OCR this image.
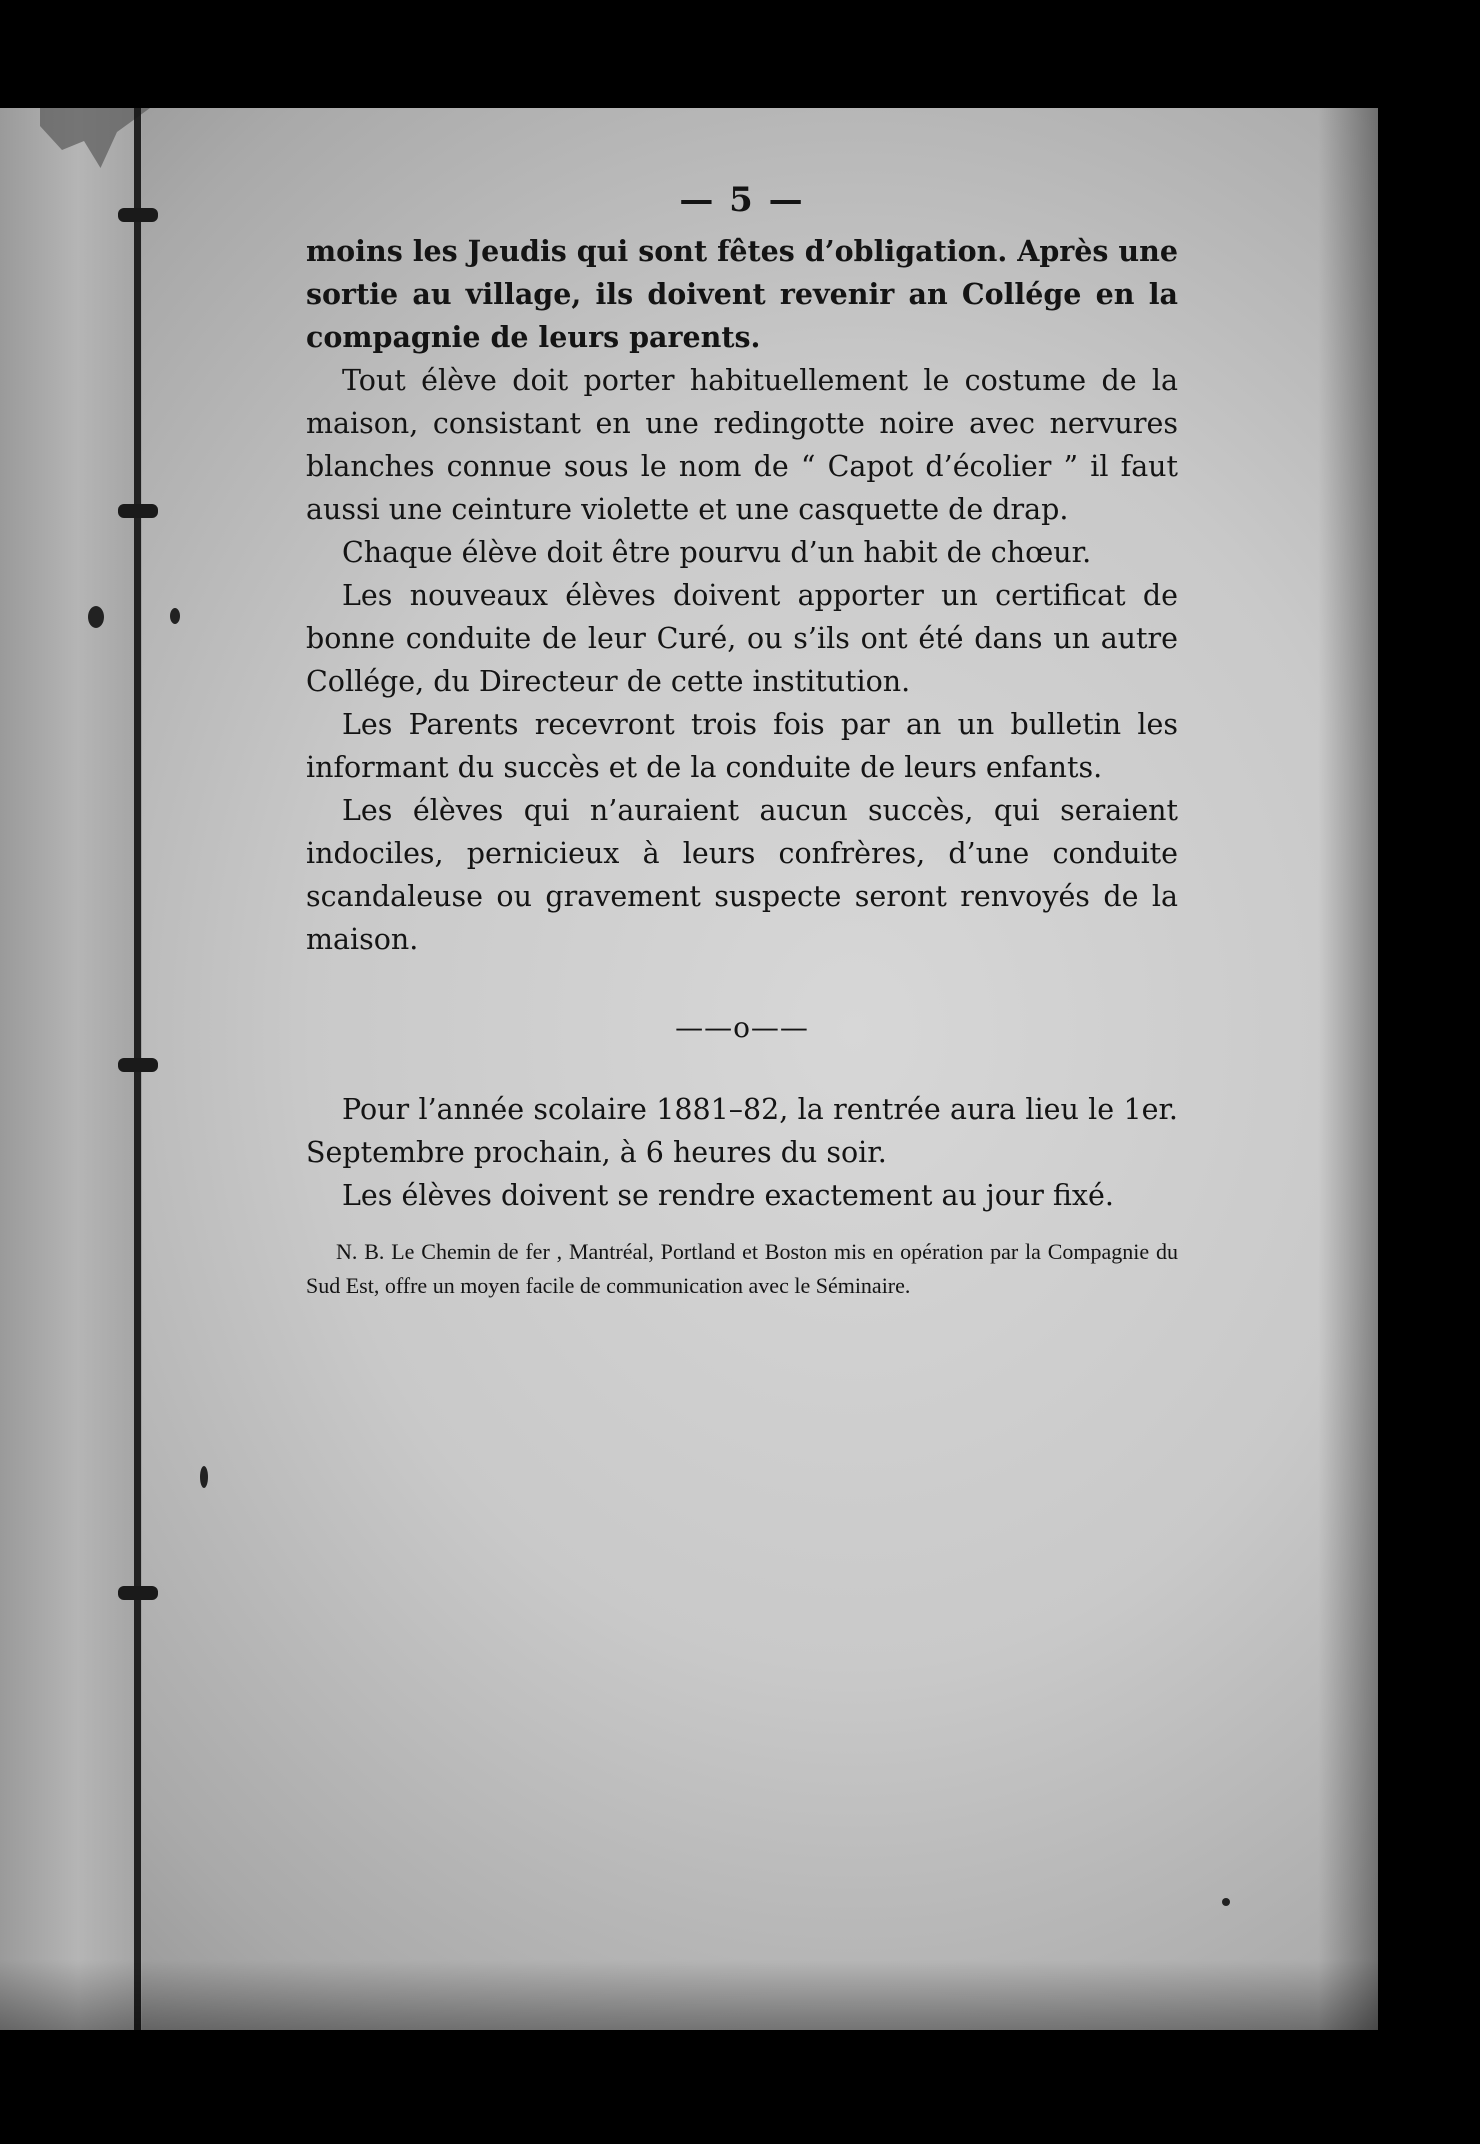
— 5 —

moins les Jeudis qui sont fêtes d’obligation. Après une sortie au village, ils doivent revenir an Collége en la compagnie de leurs parents.

Tout élève doit porter habituellement le costume de la maison, consistant en une redingotte noire avec nervures blanches connue sous le nom de “ Capot d’écolier ” il faut aussi une ceinture violette et une casquette de drap.

Chaque élève doit être pourvu d’un habit de chœur.

Les nouveaux élèves doivent apporter un certificat de bonne conduite de leur Curé, ou s’ils ont été dans un autre Collége, du Directeur de cette institution.

Les Parents recevront trois fois par an un bulletin les informant du succès et de la conduite de leurs enfants.

Les élèves qui n’auraient aucun succès, qui seraient indociles, pernicieux à leurs confrères, d’une conduite scandaleuse ou gravement suspecte seront renvoyés de la maison.

——o——

Pour l’année scolaire 1881–82, la rentrée aura lieu le 1er. Septembre prochain, à 6 heures du soir.

Les élèves doivent se rendre exactement au jour fixé.

N. B. Le Chemin de fer , Mantréal, Portland et Boston mis en opération par la Compagnie du Sud Est, offre un moyen facile de communication avec le Séminaire.
